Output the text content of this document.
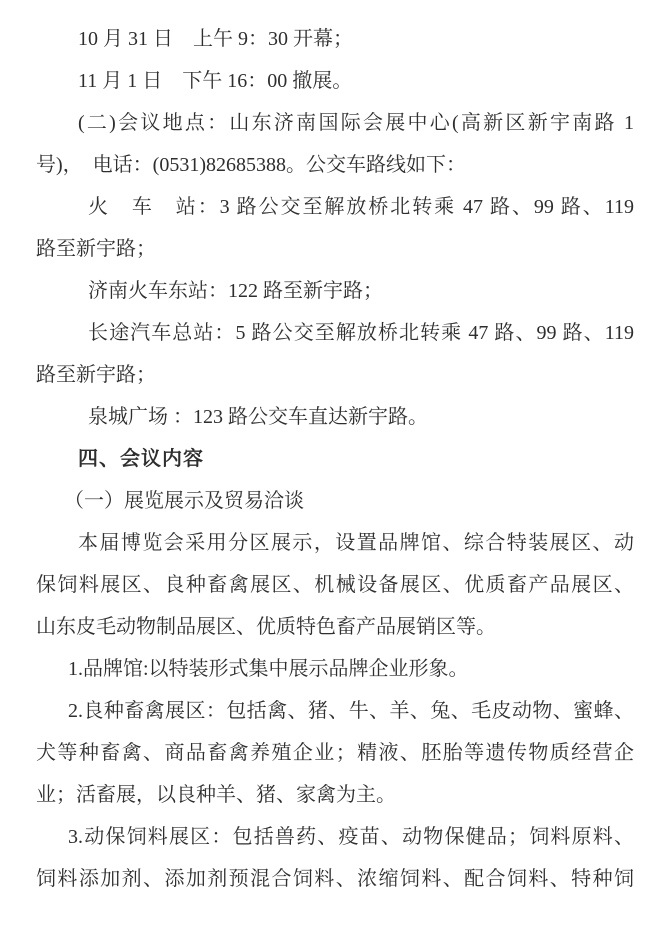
10 月 31 日　上午 9：30 开幕；
11 月 1 日　下午 16：00 撤展。
(二)会议地点：山东济南国际会展中心(高新区新宇南路 1
号)，　电话：(0531)82685388。公交车路线如下：
火　车　站：3 路公交至解放桥北转乘 47 路、99 路、119
路至新宇路；
济南火车东站：122 路至新宇路；
长途汽车总站：5 路公交至解放桥北转乘 47 路、99 路、119
路至新宇路；
泉城广场 ：123 路公交车直达新宇路。
四、会议内容
（一）展览展示及贸易洽谈
本届博览会采用分区展示，设置品牌馆、综合特装展区、动
保饲料展区、良种畜禽展区、机械设备展区、优质畜产品展区、
山东皮毛动物制品展区、优质特色畜产品展销区等。
1.品牌馆:以特装形式集中展示品牌企业形象。
2.良种畜禽展区：包括禽、猪、牛、羊、兔、毛皮动物、蜜蜂、
犬等种畜禽、商品畜禽养殖企业；精液、胚胎等遗传物质经营企
业；活畜展，以良种羊、猪、家禽为主。
3.动保饲料展区：包括兽药、疫苗、动物保健品；饲料原料、
饲料添加剂、添加剂预混合饲料、浓缩饲料、配合饲料、特种饲
